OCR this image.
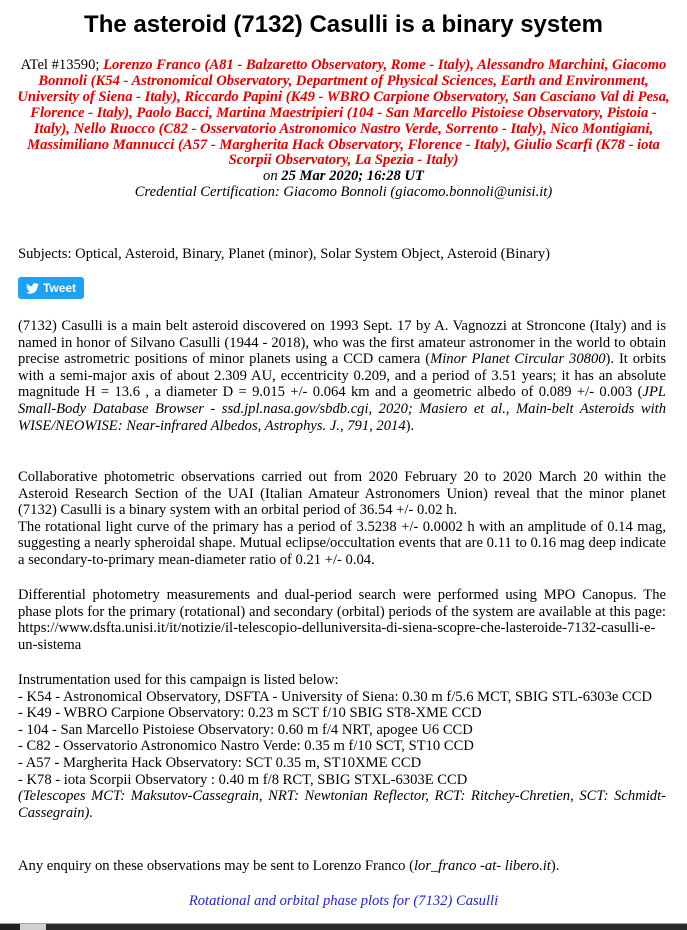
The asteroid (7132) Casulli is a binary system
ATel #13590; Lorenzo Franco (A81 - Balzaretto Observatory, Rome - Italy), Alessandro Marchini, Giacomo Bonnoli (K54 - Astronomical Observatory, Department of Physical Sciences, Earth and Environment, University of Siena - Italy), Riccardo Papini (K49 - WBRO Carpione Observatory, San Casciano Val di Pesa, Florence - Italy), Paolo Bacci, Martina Maestripieri (104 - San Marcello Pistoiese Observatory, Pistoia - Italy), Nello Ruocco (C82 - Osservatorio Astronomico Nastro Verde, Sorrento - Italy), Nico Montigiani, Massimiliano Mannucci (A57 - Margherita Hack Observatory, Florence - Italy), Giulio Scarfi (K78 - iota Scorpii Observatory, La Spezia - Italy)
on 25 Mar 2020; 16:28 UT
Credential Certification: Giacomo Bonnoli (giacomo.bonnoli@unisi.it)
Subjects: Optical, Asteroid, Binary, Planet (minor), Solar System Object, Asteroid (Binary)
Tweet

(7132) Casulli is a main belt asteroid discovered on 1993 Sept. 17 by A. Vagnozzi at Stroncone (Italy) and is named in honor of Silvano Casulli (1944 - 2018), who was the first amateur astronomer in the world to obtain precise astrometric positions of minor planets using a CCD camera (Minor Planet Circular 30800). It orbits with a semi-major axis of about 2.309 AU, eccentricity 0.209, and a period of 3.51 years; it has an absolute magnitude H = 13.6 , a diameter D = 9.015 +/- 0.064 km and a geometric albedo of 0.089 +/- 0.003 (JPL Small-Body Database Browser - ssd.jpl.nasa.gov/sbdb.cgi, 2020; Masiero et al., Main-belt Asteroids with WISE/NEOWISE: Near-infrared Albedos, Astrophys. J., 791, 2014).

Collaborative photometric observations carried out from 2020 February 20 to 2020 March 20 within the Asteroid Research Section of the UAI (Italian Amateur Astronomers Union) reveal that the minor planet (7132) Casulli is a binary system with an orbital period of 36.54 +/- 0.02 h.
The rotational light curve of the primary has a period of 3.5238 +/- 0.0002 h with an amplitude of 0.14 mag, suggesting a nearly spheroidal shape. Mutual eclipse/occultation events that are 0.11 to 0.16 mag deep indicate a secondary-to-primary mean-diameter ratio of 0.21 +/- 0.04.

Differential photometry measurements and dual-period search were performed using MPO Canopus. The phase plots for the primary (rotational) and secondary (orbital) periods of the system are available at this page: https://www.dsfta.unisi.it/it/notizie/il-telescopio-delluniversita-di-siena-scopre-che-lasteroide-7132-casulli-e-un-sistema

Instrumentation used for this campaign is listed below:
- K54 - Astronomical Observatory, DSFTA - University of Siena: 0.30 m f/5.6 MCT, SBIG STL-6303e CCD
- K49 - WBRO Carpione Observatory: 0.23 m SCT f/10 SBIG ST8-XME CCD
- 104 - San Marcello Pistoiese Observatory: 0.60 m f/4 NRT, apogee U6 CCD
- C82 - Osservatorio Astronomico Nastro Verde: 0.35 m f/10 SCT, ST10 CCD
- A57 - Margherita Hack Observatory: SCT 0.35 m, ST10XME CCD
- K78 - iota Scorpii Observatory : 0.40 m f/8 RCT, SBIG STXL-6303E CCD
(Telescopes MCT: Maksutov-Cassegrain, NRT: Newtonian Reflector, RCT: Ritchey-Chretien, SCT: Schmidt-Cassegrain).

Any enquiry on these observations may be sent to Lorenzo Franco (lor_franco -at- libero.it).

Rotational and orbital phase plots for (7132) Casulli
